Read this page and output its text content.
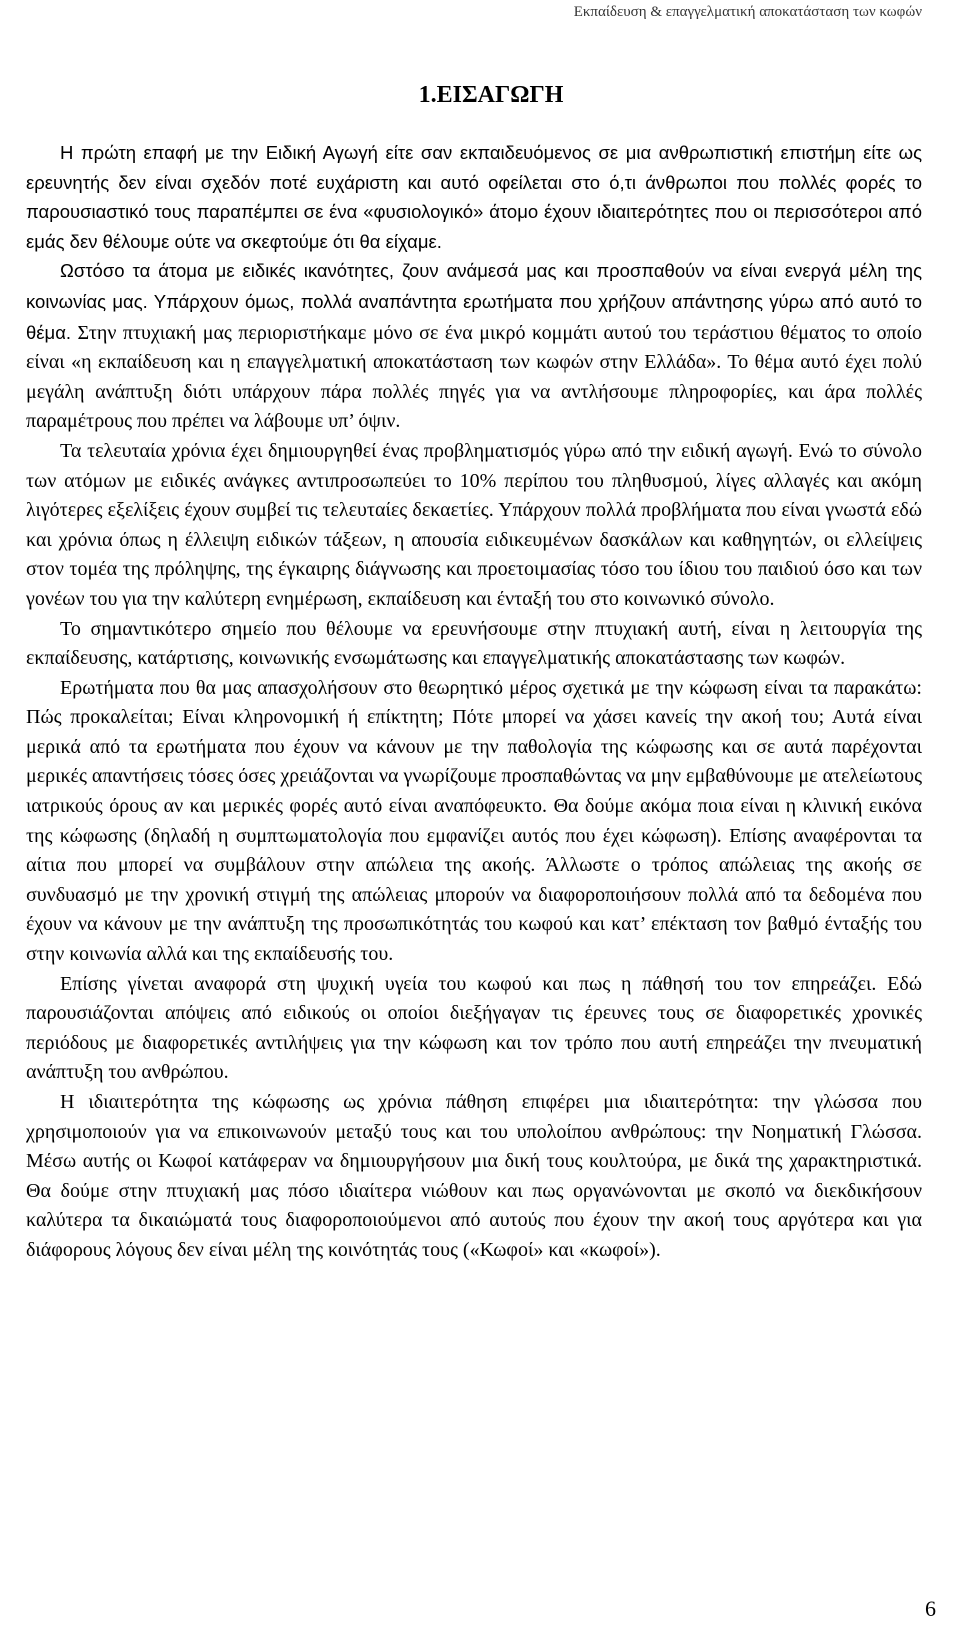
Εκπαίδευση & επαγγελματική αποκατάσταση των κωφών
1.ΕΙΣΑΓΩΓΗ

Η πρώτη επαφή με την Ειδική Αγωγή είτε σαν εκπαιδευόμενος σε μια ανθρωπιστική επιστήμη είτε ως ερευνητής δεν είναι σχεδόν ποτέ ευχάριστη και αυτό οφείλεται στο ό,τι άνθρωποι που πολλές φορές το παρουσιαστικό τους παραπέμπει σε ένα «φυσιολογικό» άτομο έχουν ιδιαιτερότητες που οι περισσότεροι από εμάς δεν θέλουμε ούτε να σκεφτούμε ότι θα είχαμε.

Ωστόσο τα άτομα με ειδικές ικανότητες, ζουν ανάμεσά μας και προσπαθούν να είναι ενεργά μέλη της κοινωνίας μας. Υπάρχουν όμως, πολλά αναπάντητα ερωτήματα που χρήζουν απάντησης γύρω από αυτό το θέμα. Στην πτυχιακή μας περιοριστήκαμε μόνο σε ένα μικρό κομμάτι αυτού του τεράστιου θέματος το οποίο είναι «η εκπαίδευση και η επαγγελματική αποκατάσταση των κωφών στην Ελλάδα». Το θέμα αυτό έχει πολύ μεγάλη ανάπτυξη διότι υπάρχουν πάρα πολλές πηγές για να αντλήσουμε πληροφορίες, και άρα πολλές παραμέτρους που πρέπει να λάβουμε υπ’ όψιν.

Τα τελευταία χρόνια έχει δημιουργηθεί ένας προβληματισμός γύρω από την ειδική αγωγή. Ενώ το σύνολο των ατόμων με ειδικές ανάγκες αντιπροσωπεύει το 10% περίπου του πληθυσμού, λίγες αλλαγές και ακόμη λιγότερες εξελίξεις έχουν συμβεί τις τελευταίες δεκαετίες. Υπάρχουν πολλά προβλήματα που είναι γνωστά εδώ και χρόνια όπως η έλλειψη ειδικών τάξεων, η απουσία ειδικευμένων δασκάλων και καθηγητών, οι ελλείψεις στον τομέα της πρόληψης, της έγκαιρης διάγνωσης και προετοιμασίας τόσο του ίδιου του παιδιού όσο και των γονέων του για την καλύτερη ενημέρωση, εκπαίδευση και ένταξή του στο κοινωνικό σύνολο.

Το σημαντικότερο σημείο που θέλουμε να ερευνήσουμε στην πτυχιακή αυτή, είναι η λειτουργία της εκπαίδευσης, κατάρτισης, κοινωνικής ενσωμάτωσης και επαγγελματικής αποκατάστασης των κωφών.

Ερωτήματα που θα μας απασχολήσουν στο θεωρητικό μέρος σχετικά με την κώφωση είναι τα παρακάτω: Πώς προκαλείται; Είναι κληρονομική ή επίκτητη; Πότε μπορεί να χάσει κανείς την ακοή του; Αυτά είναι μερικά από τα ερωτήματα που έχουν να κάνουν με την παθολογία της κώφωσης και σε αυτά παρέχονται μερικές απαντήσεις τόσες όσες χρειάζονται να γνωρίζουμε προσπαθώντας να μην εμβαθύνουμε με ατελείωτους ιατρικούς όρους αν και μερικές φορές αυτό είναι αναπόφευκτο. Θα δούμε ακόμα ποια είναι η κλινική εικόνα της κώφωσης (δηλαδή η συμπτωματολογία που εμφανίζει αυτός που έχει κώφωση). Επίσης αναφέρονται τα αίτια που μπορεί να συμβάλουν στην απώλεια της ακοής. Άλλωστε ο τρόπος απώλειας της ακοής σε συνδυασμό με την χρονική στιγμή της απώλειας μπορούν να διαφοροποιήσουν πολλά από τα δεδομένα που έχουν να κάνουν με την ανάπτυξη της προσωπικότητάς του κωφού και κατ’ επέκταση τον βαθμό ένταξής του στην κοινωνία αλλά και της εκπαίδευσής του.

Επίσης γίνεται αναφορά στη ψυχική υγεία του κωφού και πως η πάθησή του τον επηρεάζει. Εδώ παρουσιάζονται απόψεις από ειδικούς οι οποίοι διεξήγαγαν τις έρευνες τους σε διαφορετικές χρονικές περιόδους με διαφορετικές αντιλήψεις για την κώφωση και τον τρόπο που αυτή επηρεάζει την πνευματική ανάπτυξη του ανθρώπου.

Η ιδιαιτερότητα της κώφωσης ως χρόνια πάθηση επιφέρει μια ιδιαιτερότητα: την γλώσσα που χρησιμοποιούν για να επικοινωνούν μεταξύ τους και του υπολοίπου ανθρώπους: την Νοηματική Γλώσσα. Μέσω αυτής οι Κωφοί κατάφεραν να δημιουργήσουν μια δική τους κουλτούρα, με δικά της χαρακτηριστικά. Θα δούμε στην πτυχιακή μας πόσο ιδιαίτερα νιώθουν και πως οργανώνονται με σκοπό να διεκδικήσουν καλύτερα τα δικαιώματά τους διαφοροποιούμενοι από αυτούς που έχουν την ακοή τους αργότερα και για διάφορους λόγους δεν είναι μέλη της κοινότητάς τους («Κωφοί» και «κωφοί»).

6
